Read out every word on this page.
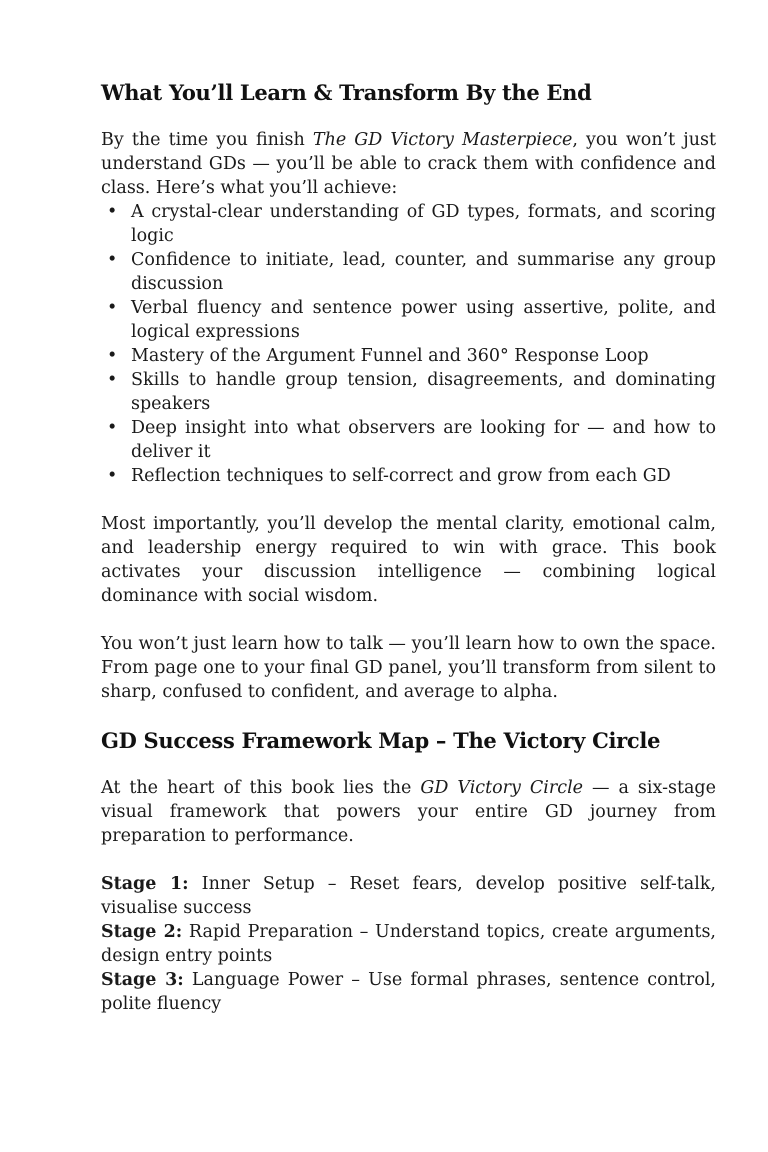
What You’ll Learn & Transform By the End

By the time you finish The GD Victory Masterpiece, you won’t just understand GDs — you’ll be able to crack them with confidence and class. Here’s what you’ll achieve:

• A crystal-clear understanding of GD types, formats, and scoring logic
• Confidence to initiate, lead, counter, and summarise any group discussion
• Verbal fluency and sentence power using assertive, polite, and logical expressions
• Mastery of the Argument Funnel and 360° Response Loop
• Skills to handle group tension, disagreements, and dominating speakers
• Deep insight into what observers are looking for — and how to deliver it
• Reflection techniques to self-correct and grow from each GD

Most importantly, you’ll develop the mental clarity, emotional calm, and leadership energy required to win with grace. This book activates your discussion intelligence — combining logical dominance with social wisdom.

You won’t just learn how to talk — you’ll learn how to own the space. From page one to your final GD panel, you’ll transform from silent to sharp, confused to confident, and average to alpha.

GD Success Framework Map – The Victory Circle

At the heart of this book lies the GD Victory Circle — a six-stage visual framework that powers your entire GD journey from preparation to performance.

Stage 1: Inner Setup – Reset fears, develop positive self-talk, visualise success
Stage 2: Rapid Preparation – Understand topics, create arguments, design entry points
Stage 3: Language Power – Use formal phrases, sentence control, polite fluency
